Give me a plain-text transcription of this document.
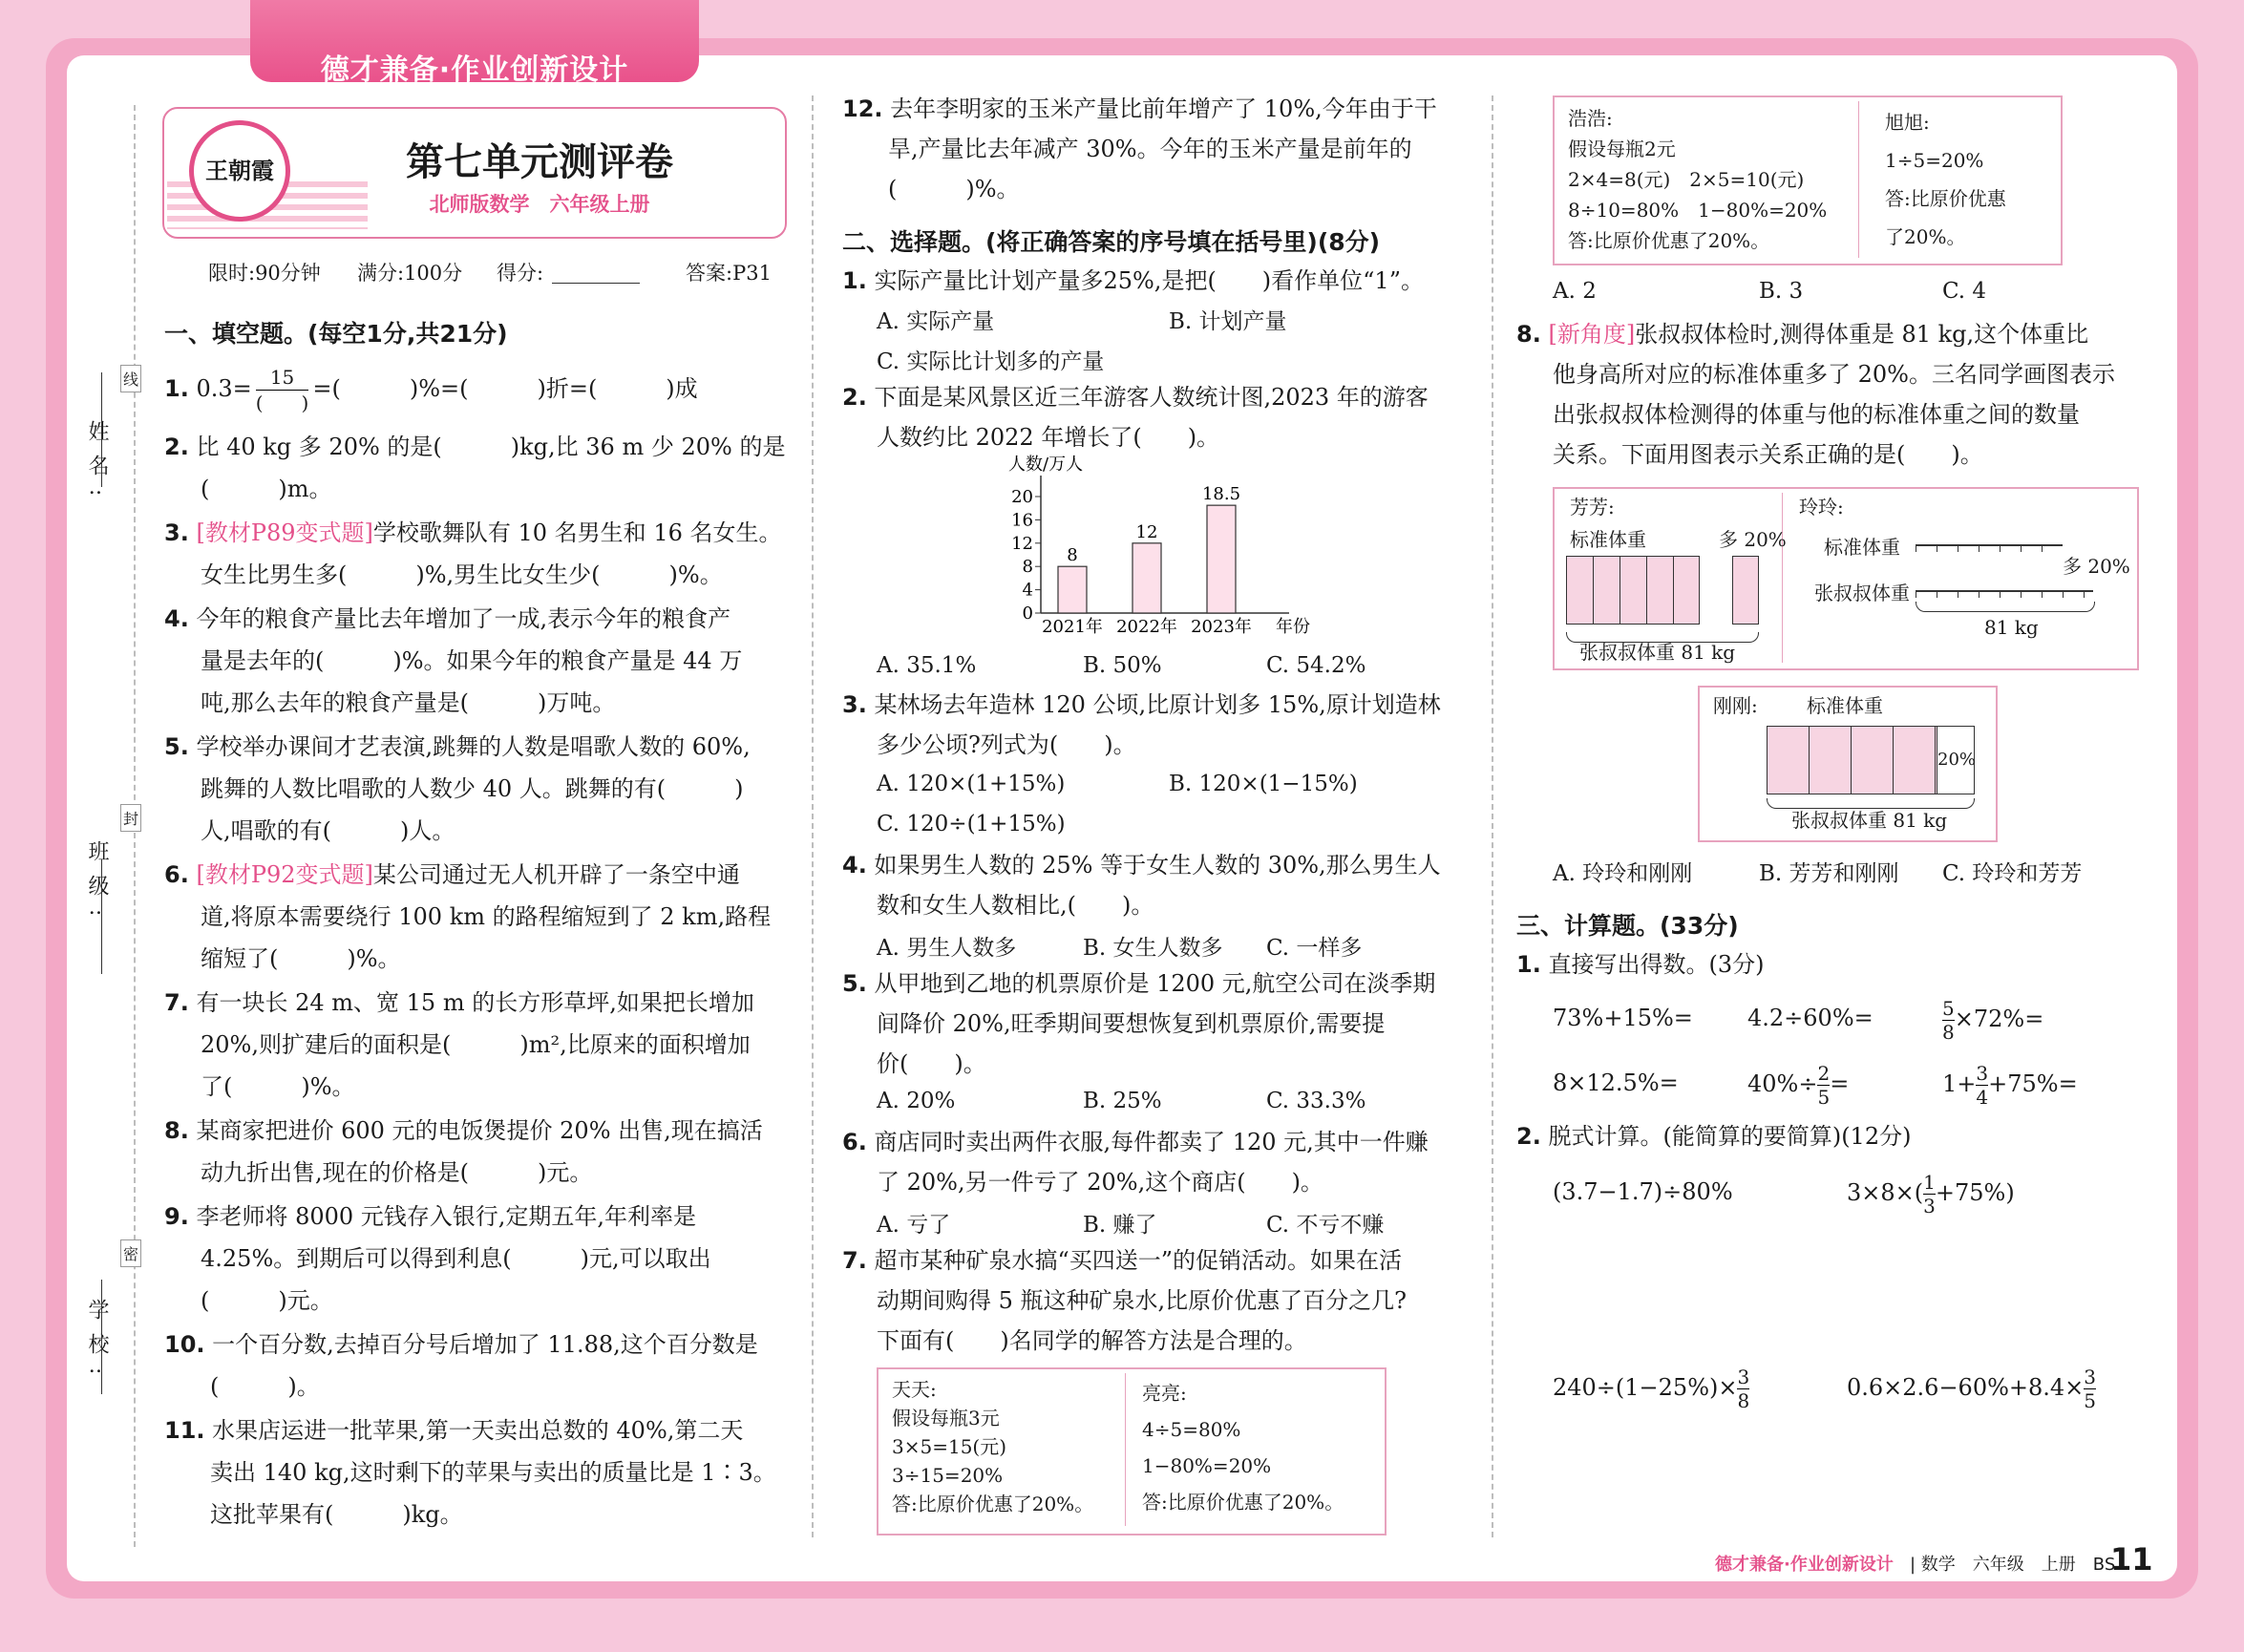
德才兼备·作业创新设计
姓名:
班级:
学校:
线
封
密
王朝霞	第七单元测评卷
北师版数学　六年级上册
限时:90分钟 满分:100分 得分:	答案:P31
一、填空题。(每空1分,共21分)
1. 0.3= 15
(　　)
=(　　　)%=(　　　)折=(　　　)成
2. 比 40 kg 多 20% 的是(　　　)kg,比 36 m 少 20% 的是
(　　　)m。
3. [教材P89变式题]学校歌舞队有 10 名男生和 16 名女生。
女生比男生多(　　　)%,男生比女生少(　　　)%。
4. 今年的粮食产量比去年增加了一成,表示今年的粮食产
量是去年的(　　　)%。如果今年的粮食产量是 44 万
吨,那么去年的粮食产量是(　　　)万吨。
5. 学校举办课间才艺表演,跳舞的人数是唱歌人数的 60%,
跳舞的人数比唱歌的人数少 40 人。跳舞的有(　　　)
人,唱歌的有(　　　)人。
6. [教材P92变式题]某公司通过无人机开辟了一条空中通
道,将原本需要绕行 100 km 的路程缩短到了 2 km,路程
缩短了(　　　)%。
7. 有一块长 24 m、宽 15 m 的长方形草坪,如果把长增加
20%,则扩建后的面积是(　　　)m²,比原来的面积增加
了(　　　)%。
8. 某商家把进价 600 元的电饭煲提价 20% 出售,现在搞活
动九折出售,现在的价格是(　　　)元。
9. 李老师将 8000 元钱存入银行,定期五年,年利率是
4.25%。到期后可以得到利息(　　　)元,可以取出
(　　　)元。
10. 一个百分数,去掉百分号后增加了 11.88,这个百分数是
(　　　)。
11. 水果店运进一批苹果,第一天卖出总数的 40%,第二天
卖出 140 kg,这时剩下的苹果与卖出的质量比是 1∶3。
这批苹果有(　　　)kg。
12. 去年李明家的玉米产量比前年增产了 10%,今年由于干
旱,产量比去年减产 30%。今年的玉米产量是前年的
(　　　)%。
二、选择题。(将正确答案的序号填在括号里)(8分)
1. 实际产量比计划产量多25%,是把(　　)看作单位“1”。
A. 实际产量	B. 计划产量
C. 实际比计划多的产量
2. 下面是某风景区近三年游客人数统计图,2023 年的游客
人数约比 2022 年增长了(　　)。
人数/万人
0
4
8
12
16
20
8
2021年
12
2022年
18.5
2023年 年份
A. 35.1%	B. 50%	C. 54.2%
3. 某林场去年造林 120 公顷,比原计划多 15%,原计划造林
多少公顷?列式为(　　)。
A. 120×(1+15%)	B. 120×(1−15%)
C. 120÷(1+15%)
4. 如果男生人数的 25% 等于女生人数的 30%,那么男生人
数和女生人数相比,(　　)。
A. 男生人数多	B. 女生人数多 C. 一样多
5. 从甲地到乙地的机票原价是 1200 元,航空公司在淡季期
间降价 20%,旺季期间要想恢复到机票原价,需要提
价(　　)。
A. 20%	B. 25%	C. 33.3%
6. 商店同时卖出两件衣服,每件都卖了 120 元,其中一件赚
了 20%,另一件亏了 20%,这个商店(　　)。
A. 亏了	B. 赚了	C. 不亏不赚
7. 超市某种矿泉水搞“买四送一”的促销活动。如果在活
动期间购得 5 瓶这种矿泉水,比原价优惠了百分之几?
下面有(　　)名同学的解答方法是合理的。
天天:
假设每瓶3元
3×5=15(元)
3÷15=20%
答:比原价优惠了20%。
亮亮:
4÷5=80%
1−80%=20%
答:比原价优惠了20%。
浩浩:
假设每瓶2元
2×4=8(元)　2×5=10(元)
8÷10=80%　1−80%=20%
答:比原价优惠了20%。
旭旭:
1÷5=20%
答:比原价优惠
了20%。
A. 2	B. 3	C. 4
8. [新角度]张叔叔体检时,测得体重是 81 kg,这个体重比
他身高所对应的标准体重多了 20%。三名同学画图表示
出张叔叔体检测得的体重与他的标准体重之间的数量
关系。下面用图表示关系正确的是(　　)。
芳芳:
标准体重	多 20%
张叔叔体重 81 kg
玲玲:
标准体重
多 20%
张叔叔体重
81 kg
刚刚:	标准体重
20%
张叔叔体重 81 kg
A. 玲玲和刚刚	B. 芳芳和刚刚 C. 玲玲和芳芳
三、计算题。(33分)
1. 直接写出得数。(3分)
73%+15%= 4.2÷60%=	$\frac{5}{8} \times 72\%=$
8×12.5%=	$40\%\div \frac{2}{5}$ =	$1+ \frac{3}{4} +75\%=$
2. 脱式计算。(能简算的要简算)(12分)
(3.7−1.7)÷80%	$3\times 8\times( \frac{1}{3} +75\%)$
$240\div(1-25\%)\times \frac{3}{8}$	$0.6\times 2.6-60\%+8.4\times \frac{3}{5}$
德才兼备·作业创新设计 | 数学　六年级　上册　BS
11
